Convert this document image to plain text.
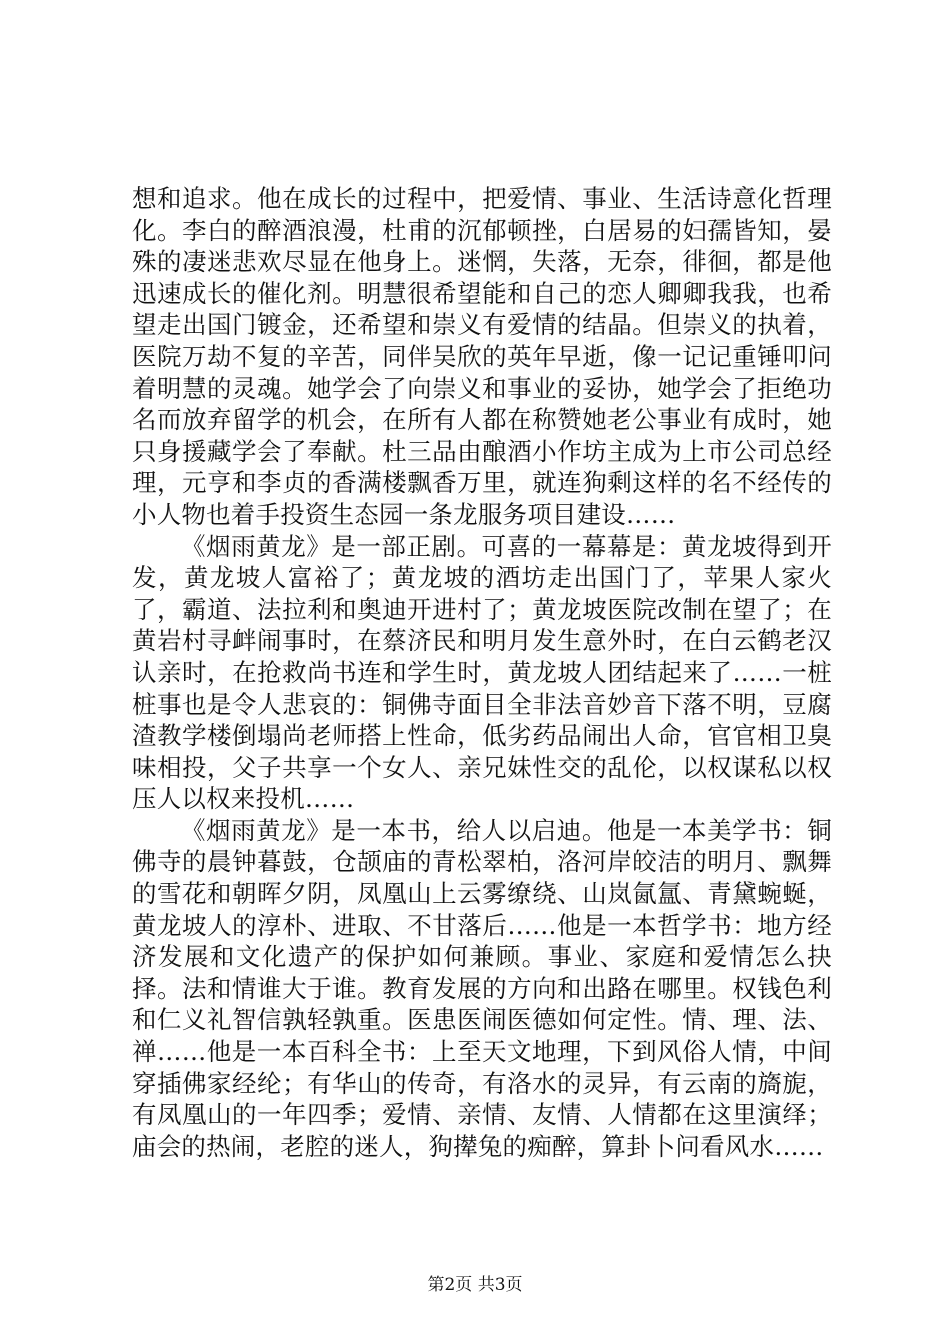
想和追求。他在成长的过程中，把爱情、事业、生活诗意化哲理化。李白的醉酒浪漫，杜甫的沉郁顿挫，白居易的妇孺皆知，晏殊的凄迷悲欢尽显在他身上。迷惘，失落，无奈，徘徊，都是他迅速成长的催化剂。明慧很希望能和自己的恋人卿卿我我，也希望走出国门镀金，还希望和崇义有爱情的结晶。但崇义的执着，医院万劫不复的辛苦，同伴吴欣的英年早逝，像一记记重锤叩问着明慧的灵魂。她学会了向崇义和事业的妥协，她学会了拒绝功名而放弃留学的机会，在所有人都在称赞她老公事业有成时，她只身援藏学会了奉献。杜三品由酿酒小作坊主成为上市公司总经理，元亨和李贞的香满楼飘香万里，就连狗剩这样的名不经传的小人物也着手投资生态园一条龙服务项目建设……

《烟雨黄龙》是一部正剧。可喜的一幕幕是：黄龙坡得到开发，黄龙坡人富裕了；黄龙坡的酒坊走出国门了，苹果人家火了，霸道、法拉利和奥迪开进村了；黄龙坡医院改制在望了；在黄岩村寻衅闹事时，在蔡济民和明月发生意外时，在白云鹤老汉认亲时，在抢救尚书连和学生时，黄龙坡人团结起来了……一桩桩事也是令人悲哀的：铜佛寺面目全非法音妙音下落不明，豆腐渣教学楼倒塌尚老师搭上性命，低劣药品闹出人命，官官相卫臭味相投，父子共享一个女人、亲兄妹性交的乱伦，以权谋私以权压人以权来投机……

《烟雨黄龙》是一本书，给人以启迪。他是一本美学书：铜佛寺的晨钟暮鼓，仓颉庙的青松翠柏，洛河岸皎洁的明月、飘舞的雪花和朝晖夕阴，凤凰山上云雾缭绕、山岚氤氲、青黛蜿蜒，黄龙坡人的淳朴、进取、不甘落后……他是一本哲学书：地方经济发展和文化遗产的保护如何兼顾。事业、家庭和爱情怎么抉择。法和情谁大于谁。教育发展的方向和出路在哪里。权钱色利和仁义礼智信孰轻孰重。医患医闹医德如何定性。情、理、法、禅……他是一本百科全书：上至天文地理，下到风俗人情，中间穿插佛家经纶；有华山的传奇，有洛水的灵异，有云南的旖旎，有凤凰山的一年四季；爱情、亲情、友情、人情都在这里演绎；庙会的热闹，老腔的迷人，狗撵兔的痴醉，算卦卜问看风水……

第2页 共3页
